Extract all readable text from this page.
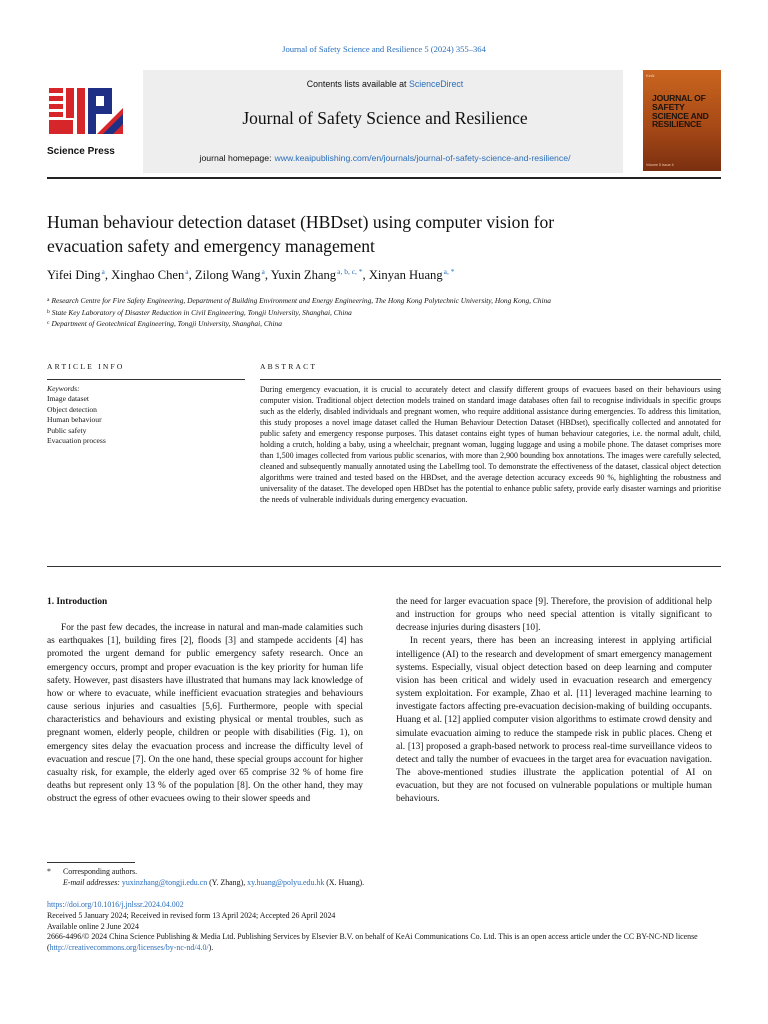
Journal of Safety Science and Resilience 5 (2024) 355–364
Science Press
Contents lists available at ScienceDirect
Journal of Safety Science and Resilience
journal homepage: www.keaipublishing.com/en/journals/journal-of-safety-science-and-resilience/
KeAi
JOURNAL OF SAFETY SCIENCE AND RESILIENCE
Volume 5 Issue 4
Human behaviour detection dataset (HBDset) using computer vision for
evacuation safety and emergency management
Yifei Ding$^a$, Xinghao Chen$^a$, Zilong Wang$^a$, Yuxin Zhang$^{a, b, c, *}$, Xinyan Huang$^{a, *}$
$^a$ Research Centre for Fire Safety Engineering, Department of Building Environment and Energy Engineering, The Hong Kong Polytechnic University, Hong Kong, China
$^b$ State Key Laboratory of Disaster Reduction in Civil Engineering, Tongji University, Shanghai, China
$^c$ Department of Geotechnical Engineering, Tongji University, Shanghai, China
ARTICLE INFO	ABSTRACT
Keywords:
Image dataset
Object detection
Human behaviour
Public safety
Evacuation process
During emergency evacuation, it is crucial to accurately detect and classify different groups of evacuees based on their behaviours using computer vision. Traditional object detection models trained on standard image databases often fail to recognise individuals in specific groups such as the elderly, disabled individuals and pregnant women, who require additional assistance during emergencies. To address this limitation, this study proposes a novel image dataset called the Human Behaviour Detection Dataset (HBDset), specifically collected and annotated for public safety and emergency response purposes. This dataset contains eight types of human behaviour categories, i.e. the normal adult, child, holding a crutch, holding a baby, using a wheelchair, pregnant woman, lugging luggage and using a mobile phone. The dataset comprises more than 1,500 images collected from various public scenarios, with more than 2,900 bounding box annotations. The images were carefully selected, cleaned and subsequently manually annotated using the LabelImg tool. To demonstrate the effectiveness of the dataset, classical object detection algorithms were trained and tested based on the HBDset, and the average detection accuracy exceeds 90 %, highlighting the robustness and universality of the dataset. The developed open HBDset has the potential to enhance public safety, provide early disaster warnings and prioritise the needs of vulnerable individuals during emergency evacuation.
1. Introduction

For the past few decades, the increase in natural and man-made calamities such as earthquakes [1], building fires [2], floods [3] and stampede accidents [4] has promoted the urgent demand for public emergency safety research. Once an emergency occurs, prompt and proper evacuation is the key priority for human life safety. However, past disasters have illustrated that humans may lack knowledge of how or where to evacuate, while inefficient evacuation strategies and behaviours cause serious injuries and casualties [5,6]. Furthermore, people with special characteristics and behaviours and existing physical or mental troubles, such as pregnant women, elderly people, children or people with disabilities (Fig. 1), on emergency sites delay the evacuation process and increase the difficulty level of evacuation and rescue [7]. On the one hand, these special groups account for higher casualty risk, for example, the elderly aged over 65 comprise 32 % of home fire deaths but represent only 13 % of the population [8]. On the other hand, they may obstruct the egress of other evacuees owing to their slower speeds and

the need for larger evacuation space [9]. Therefore, the provision of additional help and instruction for groups who need special attention is vitally significant to decrease injuries during disasters [10].

In recent years, there has been an increasing interest in applying artificial intelligence (AI) to the research and development of smart emergency management systems. Especially, visual object detection based on deep learning and computer vision has been critical and widely used in evacuation research and emergency system exploitation. For example, Zhao et al. [11] leveraged machine learning to investigate factors affecting pre-evacuation decision-making of building occupants. Huang et al. [12] applied computer vision algorithms to estimate crowd density and simulate evacuation aiming to reduce the stampede risk in public places. Cheng et al. [13] proposed a graph-based network to process real-time surveillance videos to detect and tally the number of evacuees in the target area for evacuation navigation. The above-mentioned studies illustrate the application potential of AI on evacuation, but they are not focused on vulnerable populations or multiple human behaviours.

* Corresponding authors.
E-mail addresses: yuxinzhang@tongji.edu.cn (Y. Zhang), xy.huang@polyu.edu.hk (X. Huang).
https://doi.org/10.1016/j.jnlssr.2024.04.002
Received 5 January 2024; Received in revised form 13 April 2024; Accepted 26 April 2024
Available online 2 June 2024
2666-4496/© 2024 China Science Publishing & Media Ltd. Publishing Services by Elsevier B.V. on behalf of KeAi Communications Co. Ltd. This is an open access article under the CC BY-NC-ND license (http://creativecommons.org/licenses/by-nc-nd/4.0/).
